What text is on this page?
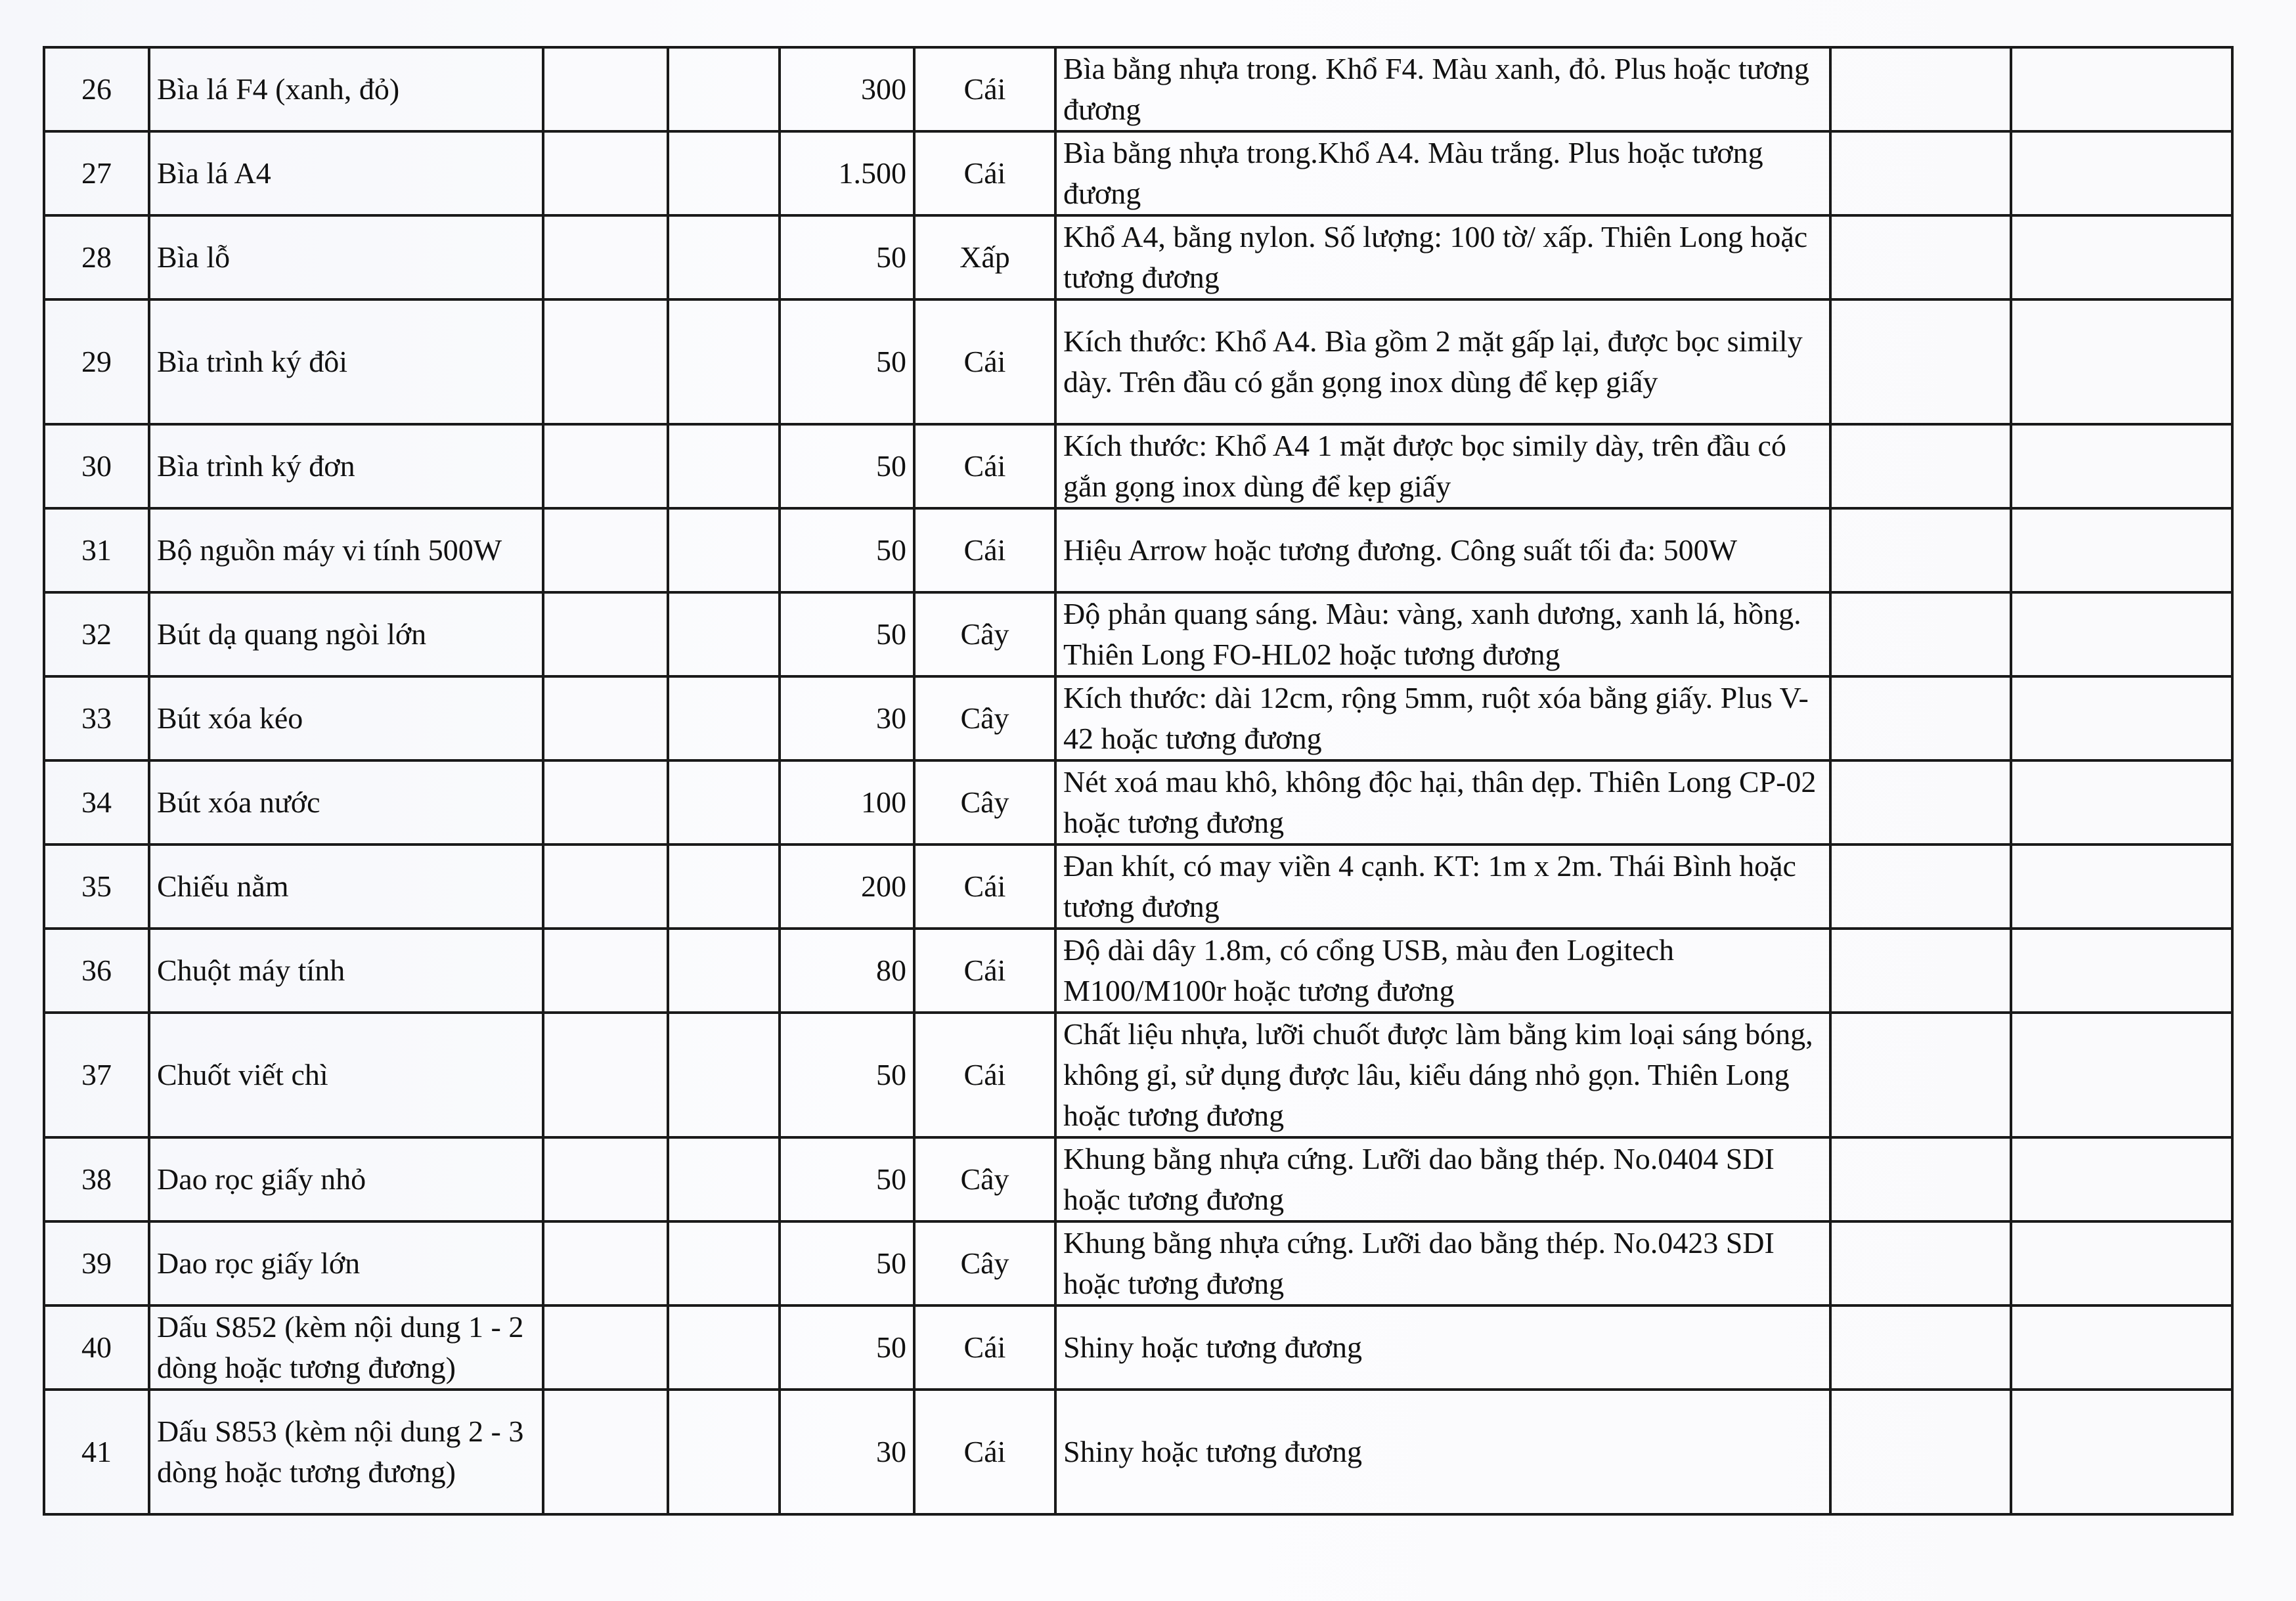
26	Bìa lá F4 (xanh, đỏ)			300	Cái	Bìa bằng nhựa trong. Khổ F4. Màu xanh, đỏ. Plus hoặc tương đương		
27	Bìa lá A4			1.500	Cái	Bìa bằng nhựa trong.Khổ A4. Màu trắng. Plus hoặc tương đương		
28	Bìa lỗ			50	Xấp	Khổ A4, bằng nylon. Số lượng: 100 tờ/ xấp. Thiên Long hoặc tương đương		
29	Bìa trình ký đôi			50	Cái	Kích thước: Khổ A4. Bìa gồm 2 mặt gấp lại, được bọc simily dày. Trên đầu có gắn gọng inox dùng để kẹp giấy		
30	Bìa trình ký đơn			50	Cái	Kích thước: Khổ A4 1 mặt được bọc simily dày, trên đầu có gắn gọng inox dùng để kẹp giấy		
31	Bộ nguồn máy vi tính 500W			50	Cái	Hiệu Arrow hoặc tương đương. Công suất tối đa: 500W		
32	Bút dạ quang ngòi lớn			50	Cây	Độ phản quang sáng. Màu: vàng, xanh dương, xanh lá, hồng. Thiên Long FO-HL02 hoặc tương đương		
33	Bút xóa kéo			30	Cây	Kích thước: dài 12cm, rộng 5mm, ruột xóa bằng giấy. Plus V-42 hoặc tương đương		
34	Bút xóa nước			100	Cây	Nét xoá mau khô, không độc hại, thân dẹp. Thiên Long CP-02 hoặc tương đương		
35	Chiếu nằm			200	Cái	Đan khít, có may viền 4 cạnh. KT: 1m x 2m. Thái Bình hoặc tương đương		
36	Chuột máy tính			80	Cái	Độ dài dây 1.8m, có cổng USB, màu đen Logitech M100/M100r hoặc tương đương		
37	Chuốt viết chì			50	Cái	Chất liệu nhựa, lưỡi chuốt được làm bằng kim loại sáng bóng, không gỉ, sử dụng được lâu, kiểu dáng nhỏ gọn. Thiên Long hoặc tương đương		
38	Dao rọc giấy nhỏ			50	Cây	Khung bằng nhựa cứng. Lưỡi dao bằng thép. No.0404 SDI hoặc tương đương		
39	Dao rọc giấy lớn			50	Cây	Khung bằng nhựa cứng. Lưỡi dao bằng thép. No.0423 SDI hoặc tương đương		
40	Dấu S852 (kèm nội dung 1 - 2 dòng hoặc tương đương)			50	Cái	Shiny hoặc tương đương		
41	Dấu S853 (kèm nội dung 2 - 3 dòng hoặc tương đương)			30	Cái	Shiny hoặc tương đương		
